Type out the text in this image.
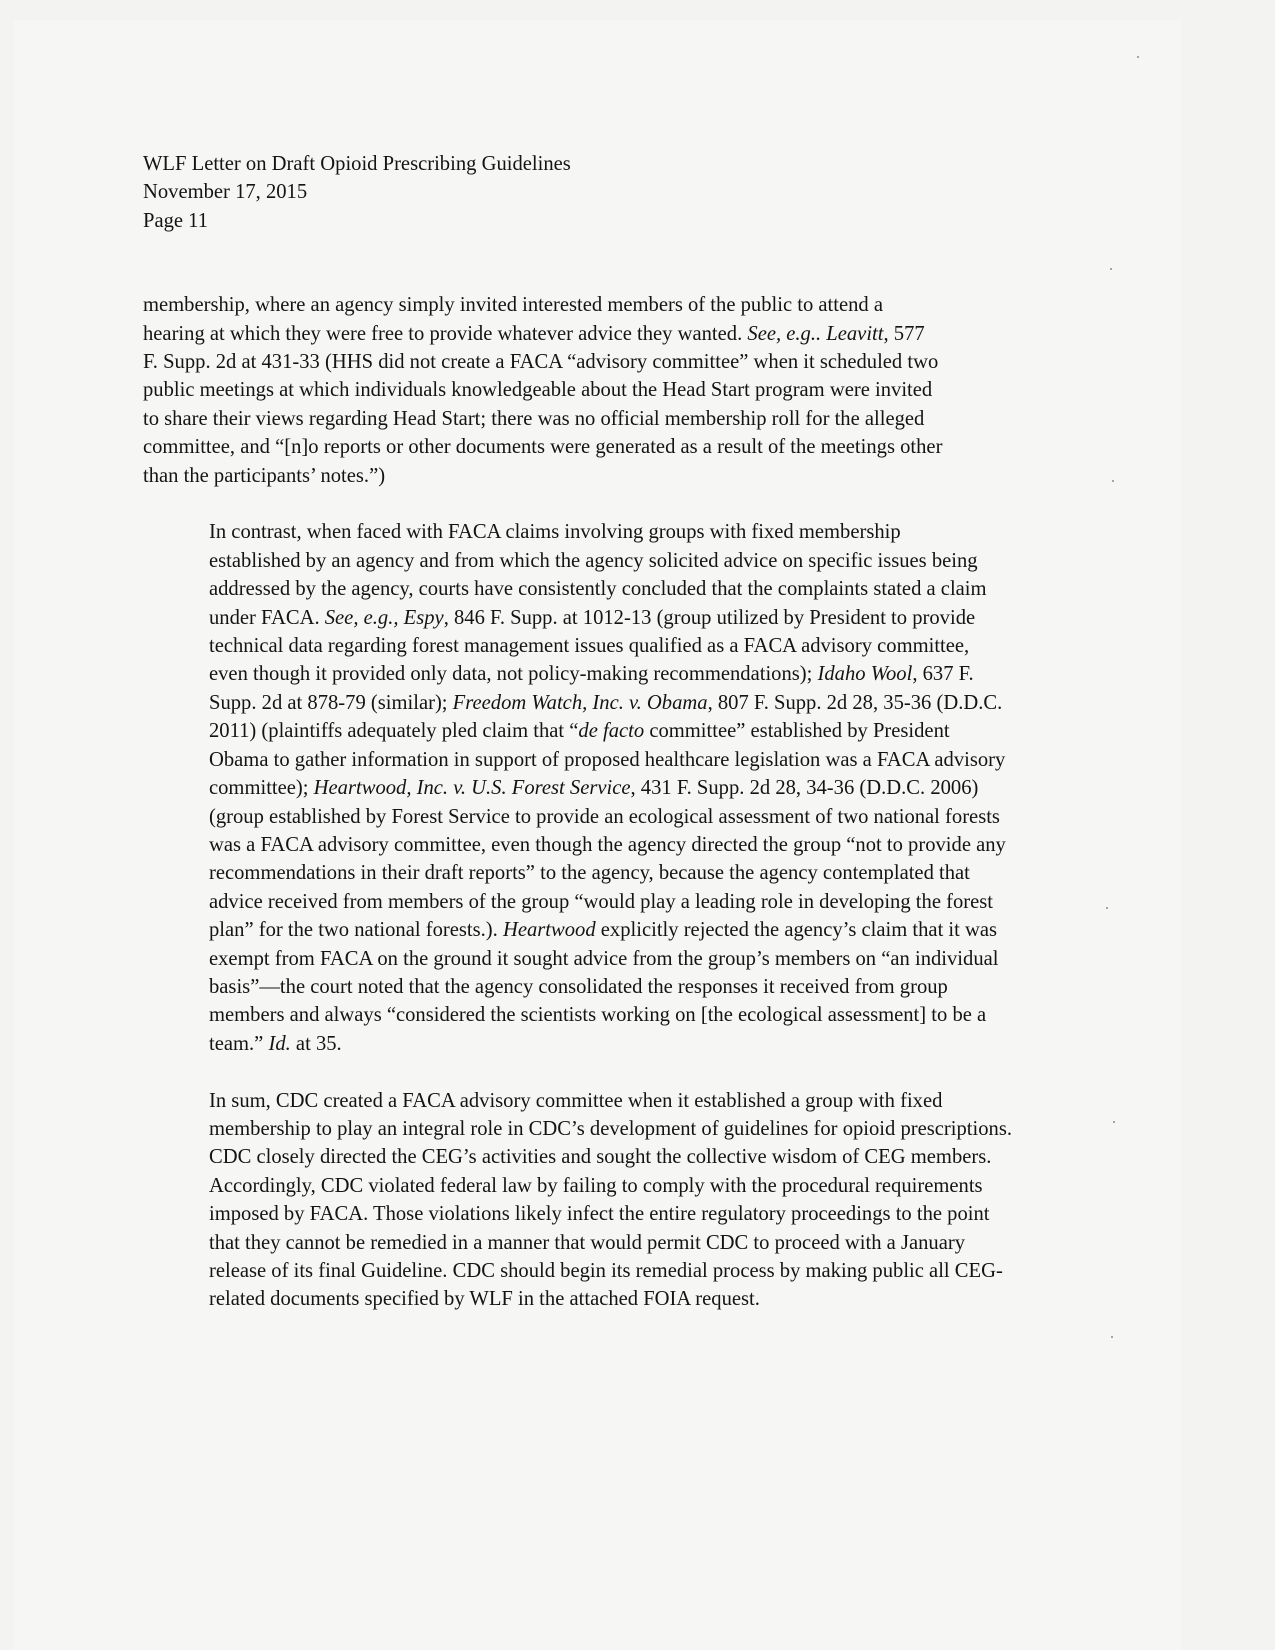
WLF Letter on Draft Opioid Prescribing Guidelines
November 17, 2015
Page 11

membership, where an agency simply invited interested members of the public to attend a
hearing at which they were free to provide whatever advice they wanted. See, e.g.. Leavitt, 577
F. Supp. 2d at 431-33 (HHS did not create a FACA “advisory committee” when it scheduled two
public meetings at which individuals knowledgeable about the Head Start program were invited
to share their views regarding Head Start; there was no official membership roll for the alleged
committee, and “[n]o reports or other documents were generated as a result of the meetings other
than the participants’ notes.”)

In contrast, when faced with FACA claims involving groups with fixed membership
established by an agency and from which the agency solicited advice on specific issues being
addressed by the agency, courts have consistently concluded that the complaints stated a claim
under FACA. See, e.g., Espy, 846 F. Supp. at 1012-13 (group utilized by President to provide
technical data regarding forest management issues qualified as a FACA advisory committee,
even though it provided only data, not policy-making recommendations); Idaho Wool, 637 F.
Supp. 2d at 878-79 (similar); Freedom Watch, Inc. v. Obama, 807 F. Supp. 2d 28, 35-36 (D.D.C.
2011) (plaintiffs adequately pled claim that “de facto committee” established by President
Obama to gather information in support of proposed healthcare legislation was a FACA advisory
committee); Heartwood, Inc. v. U.S. Forest Service, 431 F. Supp. 2d 28, 34-36 (D.D.C. 2006)
(group established by Forest Service to provide an ecological assessment of two national forests
was a FACA advisory committee, even though the agency directed the group “not to provide any
recommendations in their draft reports” to the agency, because the agency contemplated that
advice received from members of the group “would play a leading role in developing the forest
plan” for the two national forests.). Heartwood explicitly rejected the agency’s claim that it was
exempt from FACA on the ground it sought advice from the group’s members on “an individual
basis”—the court noted that the agency consolidated the responses it received from group
members and always “considered the scientists working on [the ecological assessment] to be a
team.” Id. at 35.

In sum, CDC created a FACA advisory committee when it established a group with fixed
membership to play an integral role in CDC’s development of guidelines for opioid prescriptions.
CDC closely directed the CEG’s activities and sought the collective wisdom of CEG members.
Accordingly, CDC violated federal law by failing to comply with the procedural requirements
imposed by FACA. Those violations likely infect the entire regulatory proceedings to the point
that they cannot be remedied in a manner that would permit CDC to proceed with a January
release of its final Guideline. CDC should begin its remedial process by making public all CEG-
related documents specified by WLF in the attached FOIA request.
